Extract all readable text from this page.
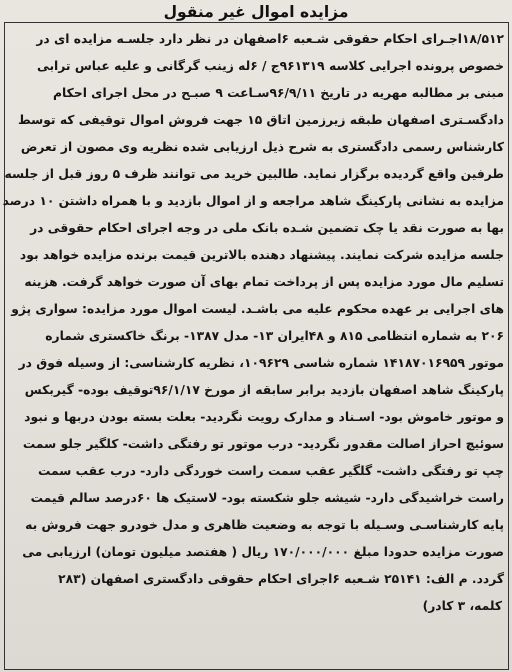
مزایده اموال غیر منقول
۱۸/۵۱۲اجـرای احکام حقوقی شـعبه ۶اصفهان در نظر دارد جلسـه مزایده ای در
خصوص پرونده اجرایی کلاسه ۹۶۱۳۱۹ج / ۶له زینب گرگانی و علیه عباس ترابی
مبنی بر مطالبه مهریه در تاریخ ۹۶/۹/۱۱سـاعت ۹ صبـح در محل اجرای احکام
دادگسـتری اصفهان طبقه زیرزمین اتاق ۱۵ جهت فروش اموال توقیفی که توسط
کارشناس رسمی دادگستری به شرح ذیل ارزیابی شده نظریه وی مصون از تعرض
طرفین واقع گردیده برگزار نماید. طالبین خرید می توانند ظرف ۵ روز قبل از جلسه
مزایده به نشانی پارکینگ شاهد مراجعه و از اموال بازدید و با همراه داشتن ۱۰ درصد
بها به صورت نقد یا چک تضمین شـده بانک ملی در وجه اجرای احکام حقوقی در
جلسه مزایده شرکت نمایند. پیشنهاد دهنده بالاترین قیمت برنده مزایده خواهد بود
تسلیم مال مورد مزایده پس از پرداخت تمام بهای آن صورت خواهد گرفت. هزینه
های اجرایی بر عهده محکوم علیه می باشـد. لیست اموال مورد مزایده: سواری پژو
۲۰۶ به شماره انتظامی ۸۱۵ و ۴۸ایران ۱۳- مدل ۱۳۸۷- برنگ خاکستری شماره
موتور ۱۴۱۸۷۰۱۶۹۵۹ شماره شاسی ۱۰۹۶۲۹، نظریه کارشناسی: از وسیله فوق در
پارکینگ شاهد اصفهان بازدید برابر سابقه از مورخ ۹۶/۱/۱۷توقیف بوده- گیربکس
و موتور خاموش بود- اسـناد و مدارک رویت نگردید- بعلت بسته بودن دربها و نبود
سوئیچ احراز اصالت مقدور نگردید- درب موتور تو رفتگی داشت- کلگیر جلو سمت
چپ تو رفتگی داشت- گلگیر عقب سمت راست خوردگی دارد- درب عقب سمت
راست خراشیدگی دارد- شیشه جلو شکسته بود- لاستیک ها ۶۰درصد سالم قیمت
پایه کارشناسـی وسـیله با توجه به وضعیت ظاهری و مدل خودرو جهت فروش به
صورت مزایده حدودا مبلغ ۱۷۰/۰۰۰/۰۰۰ ریال ( هفتصد میلیون تومان) ارزیابی می
گردد. م الف: ۲۵۱۴۱ شـعبه ۶اجرای احکام حقوقی دادگستری اصفهان (۲۸۳
کلمه، ۳ کادر)
